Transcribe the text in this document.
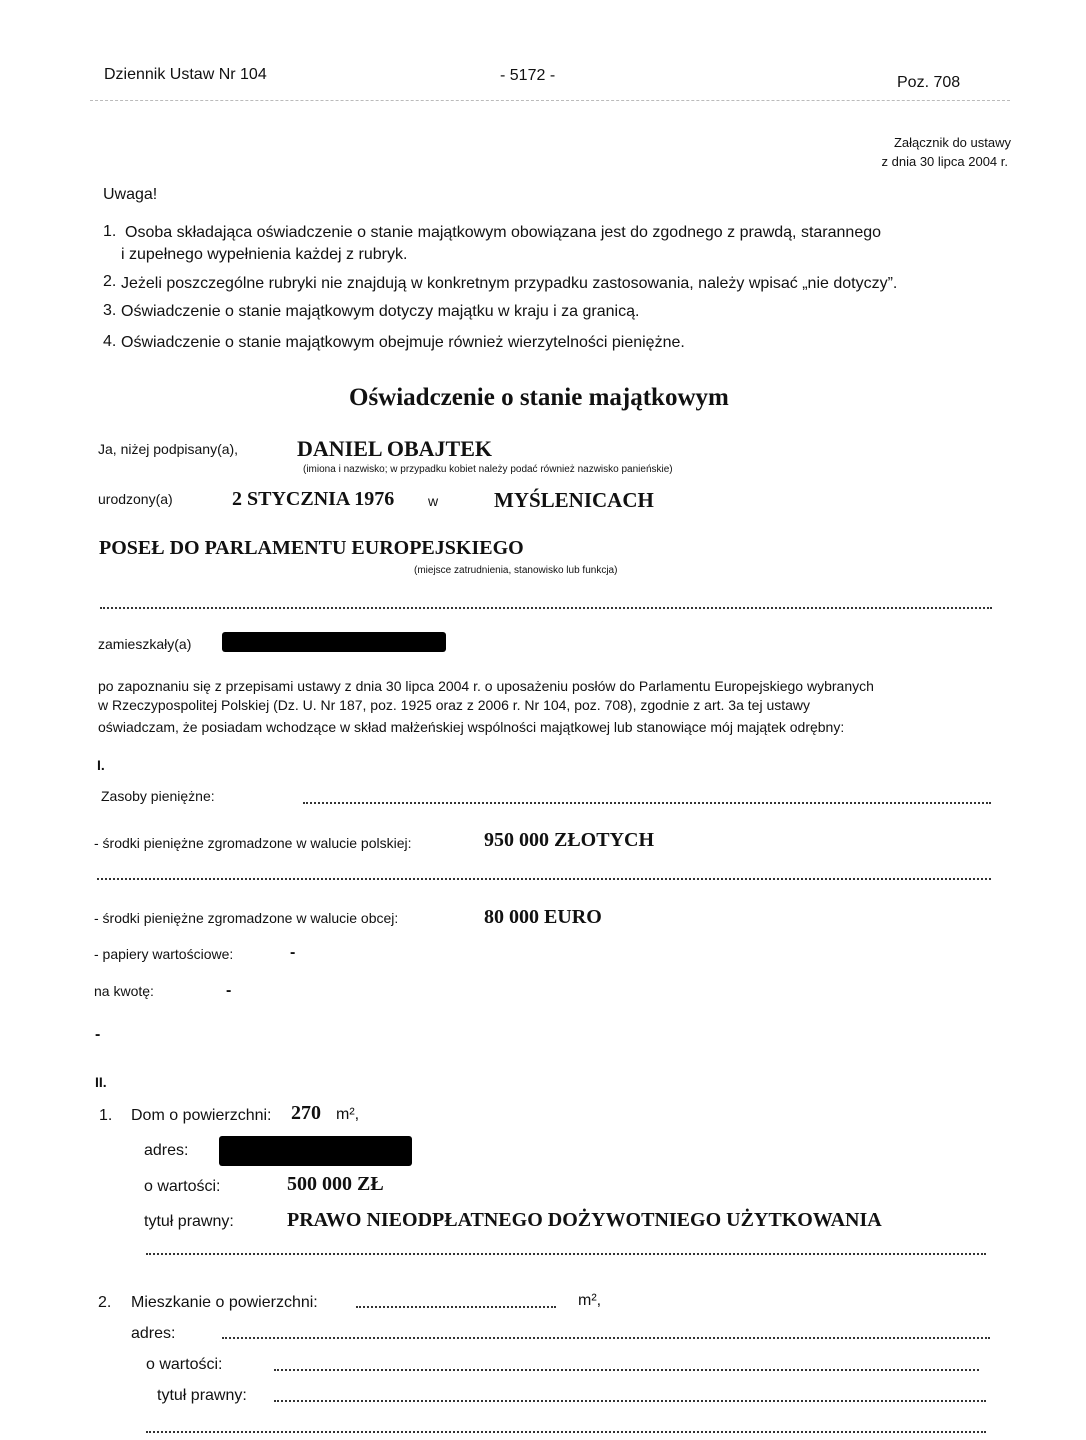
Dziennik Ustaw Nr 104	- 5172 -	Poz. 708
Załącznik do ustawy
z dnia 30 lipca 2004 r.
Uwaga!
1. Osoba składająca oświadczenie o stanie majątkowym obowiązana jest do zgodnego z prawdą, starannego
i zupełnego wypełnienia każdej z rubryk.
2. Jeżeli poszczególne rubryki nie znajdują w konkretnym przypadku zastosowania, należy wpisać „nie dotyczy”.
3. Oświadczenie o stanie majątkowym dotyczy majątku w kraju i za granicą.
4. Oświadczenie o stanie majątkowym obejmuje również wierzytelności pieniężne.
Oświadczenie o stanie majątkowym
Ja, niżej podpisany(a),	DANIEL OBAJTEK
(imiona i nazwisko; w przypadku kobiet należy podać również nazwisko panieńskie)
urodzony(a)	2 STYCZNIA 1976 w	MYŚLENICACH
POSEŁ DO PARLAMENTU EUROPEJSKIEGO
(miejsce zatrudnienia, stanowisko lub funkcja)
zamieszkały(a)
po zapoznaniu się z przepisami ustawy z dnia 30 lipca 2004 r. o uposażeniu posłów do Parlamentu Europejskiego wybranych
w Rzeczypospolitej Polskiej (Dz. U. Nr 187, poz. 1925 oraz z 2006 r. Nr 104, poz. 708), zgodnie z art. 3a tej ustawy
oświadczam, że posiadam wchodzące w skład małżeńskiej wspólności majątkowej lub stanowiące mój majątek odrębny:
I.
Zasoby pieniężne:
- środki pieniężne zgromadzone w walucie polskiej:	950 000 ZŁOTYCH
- środki pieniężne zgromadzone w walucie obcej:	80 000 EURO
- papiery wartościowe:	-
na kwotę:	-
-
II.
1. Dom o powierzchni: 270 m²,
adres:
o wartości:	500 000 ZŁ
tytuł prawny:	PRAWO NIEODPŁATNEGO DOŻYWOTNIEGO UŻYTKOWANIA
2. Mieszkanie o powierzchni:	m²,
adres:
o wartości:
tytuł prawny:
